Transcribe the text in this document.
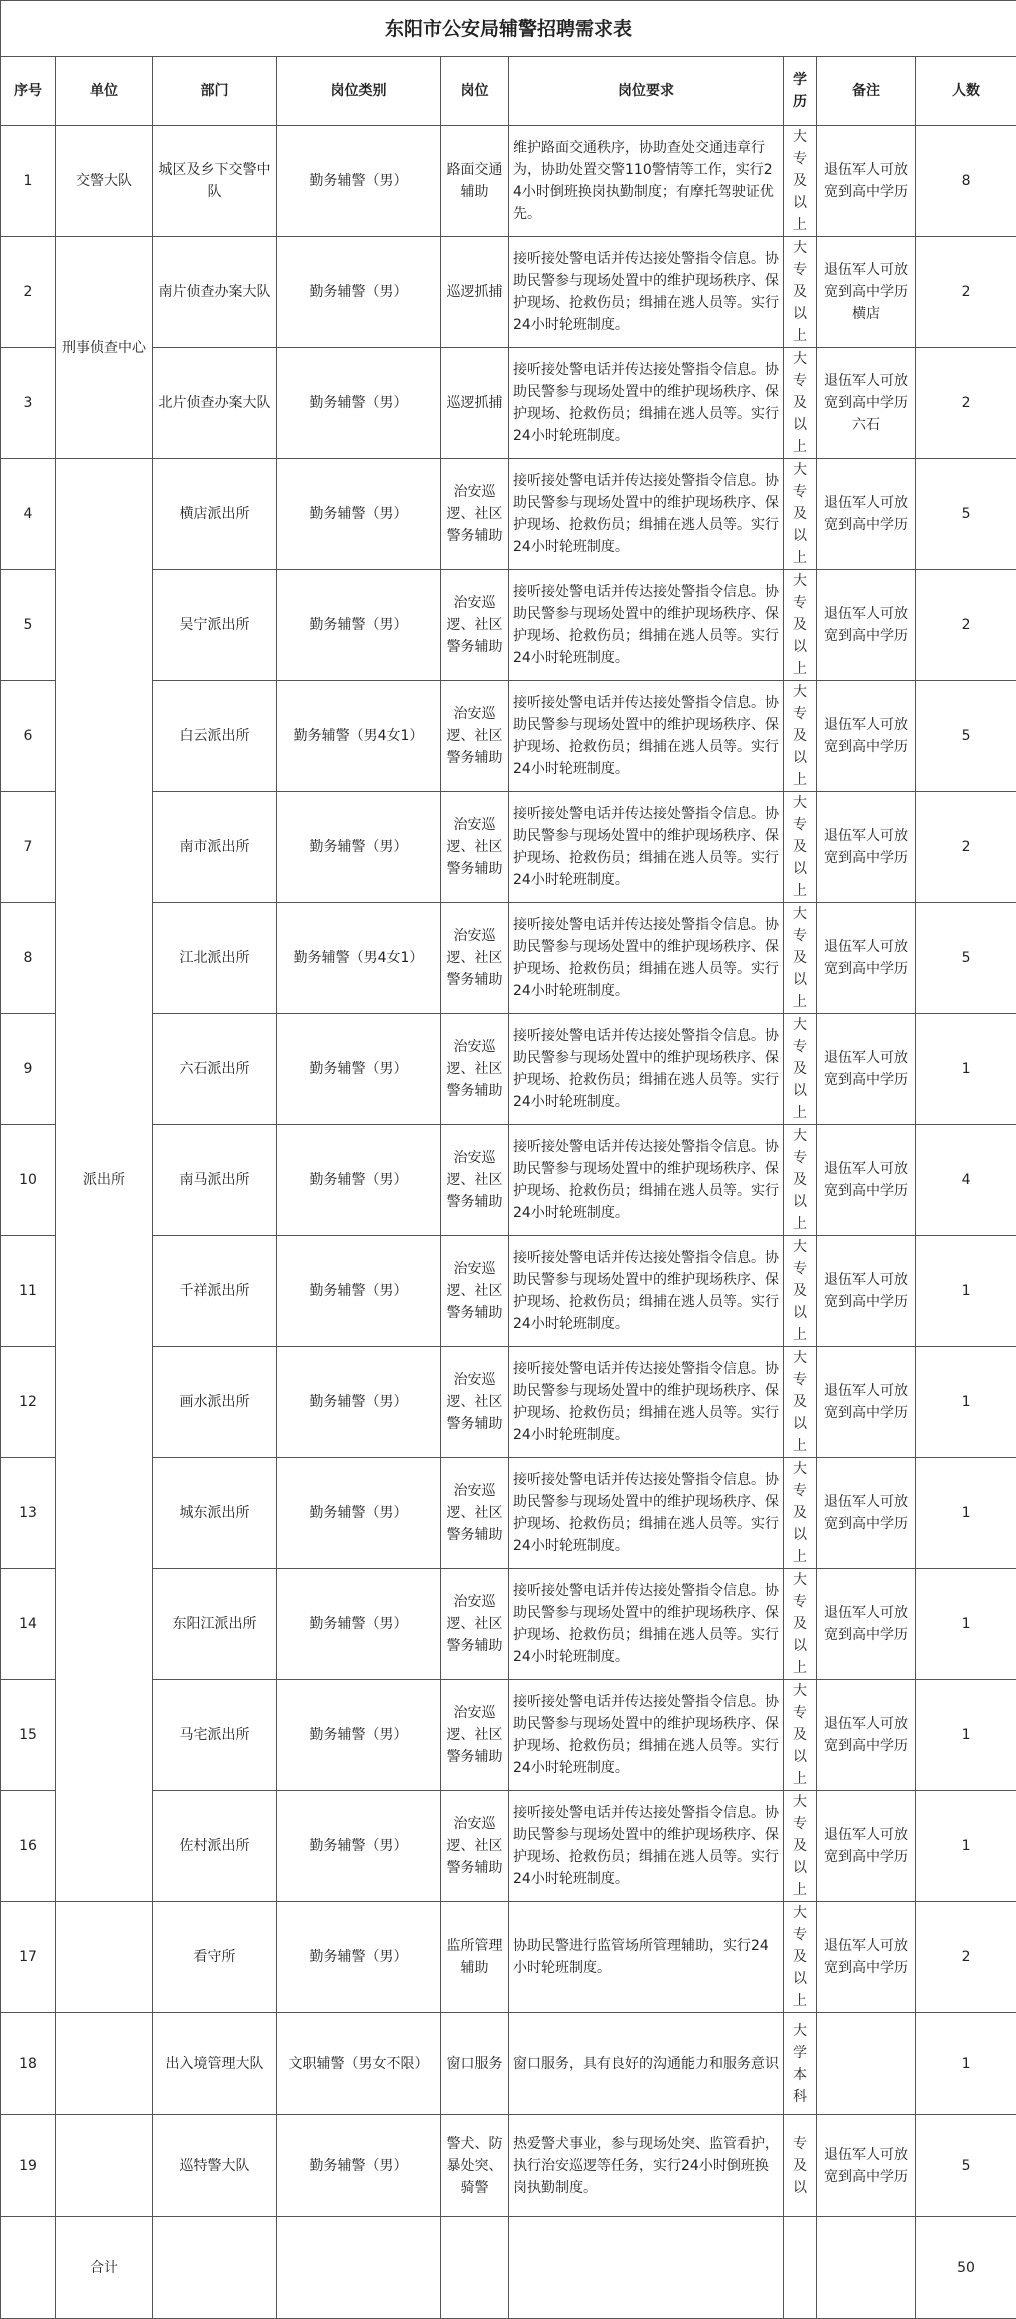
东阳市公安局辅警招聘需求表								
序号	单位	部门	岗位类别	岗位	岗位要求	学历	备注	人数
1	交警大队	城区及乡下交警中队	勤务辅警（男）	路面交通辅助	维护路面交通秩序，协助查处交通违章行为，协助处置交警110警情等工作，实行24小时倒班换岗执勤制度；有摩托驾驶证优先。	大专及以上	退伍军人可放宽到高中学历	8
2	刑事侦查中心	南片侦查办案大队	勤务辅警（男）	巡逻抓捕	接听接处警电话并传达接处警指令信息。协助民警参与现场处置中的维护现场秩序、保护现场、抢救伤员；缉捕在逃人员等。实行24小时轮班制度。	大专及以上	退伍军人可放宽到高中学历横店	2
3		北片侦查办案大队	勤务辅警（男）	巡逻抓捕	接听接处警电话并传达接处警指令信息。协助民警参与现场处置中的维护现场秩序、保护现场、抢救伤员；缉捕在逃人员等。实行24小时轮班制度。	大专及以上	退伍军人可放宽到高中学历六石	2
4	派出所	横店派出所	勤务辅警（男）	治安巡逻、社区警务辅助	接听接处警电话并传达接处警指令信息。协助民警参与现场处置中的维护现场秩序、保护现场、抢救伤员；缉捕在逃人员等。实行24小时轮班制度。	大专及以上	退伍军人可放宽到高中学历	5
5		吴宁派出所	勤务辅警（男）	治安巡逻、社区警务辅助	接听接处警电话并传达接处警指令信息。协助民警参与现场处置中的维护现场秩序、保护现场、抢救伤员；缉捕在逃人员等。实行24小时轮班制度。	大专及以上	退伍军人可放宽到高中学历	2
6		白云派出所	勤务辅警（男4女1）	治安巡逻、社区警务辅助	接听接处警电话并传达接处警指令信息。协助民警参与现场处置中的维护现场秩序、保护现场、抢救伤员；缉捕在逃人员等。实行24小时轮班制度。	大专及以上	退伍军人可放宽到高中学历	5
7		南市派出所	勤务辅警（男）	治安巡逻、社区警务辅助	接听接处警电话并传达接处警指令信息。协助民警参与现场处置中的维护现场秩序、保护现场、抢救伤员；缉捕在逃人员等。实行24小时轮班制度。	大专及以上	退伍军人可放宽到高中学历	2
8		江北派出所	勤务辅警（男4女1）	治安巡逻、社区警务辅助	接听接处警电话并传达接处警指令信息。协助民警参与现场处置中的维护现场秩序、保护现场、抢救伤员；缉捕在逃人员等。实行24小时轮班制度。	大专及以上	退伍军人可放宽到高中学历	5
9		六石派出所	勤务辅警（男）	治安巡逻、社区警务辅助	接听接处警电话并传达接处警指令信息。协助民警参与现场处置中的维护现场秩序、保护现场、抢救伤员；缉捕在逃人员等。实行24小时轮班制度。	大专及以上	退伍军人可放宽到高中学历	1
10		南马派出所	勤务辅警（男）	治安巡逻、社区警务辅助	接听接处警电话并传达接处警指令信息。协助民警参与现场处置中的维护现场秩序、保护现场、抢救伤员；缉捕在逃人员等。实行24小时轮班制度。	大专及以上	退伍军人可放宽到高中学历	4
11		千祥派出所	勤务辅警（男）	治安巡逻、社区警务辅助	接听接处警电话并传达接处警指令信息。协助民警参与现场处置中的维护现场秩序、保护现场、抢救伤员；缉捕在逃人员等。实行24小时轮班制度。	大专及以上	退伍军人可放宽到高中学历	1
12		画水派出所	勤务辅警（男）	治安巡逻、社区警务辅助	接听接处警电话并传达接处警指令信息。协助民警参与现场处置中的维护现场秩序、保护现场、抢救伤员；缉捕在逃人员等。实行24小时轮班制度。	大专及以上	退伍军人可放宽到高中学历	1
13		城东派出所	勤务辅警（男）	治安巡逻、社区警务辅助	接听接处警电话并传达接处警指令信息。协助民警参与现场处置中的维护现场秩序、保护现场、抢救伤员；缉捕在逃人员等。实行24小时轮班制度。	大专及以上	退伍军人可放宽到高中学历	1
14		东阳江派出所	勤务辅警（男）	治安巡逻、社区警务辅助	接听接处警电话并传达接处警指令信息。协助民警参与现场处置中的维护现场秩序、保护现场、抢救伤员；缉捕在逃人员等。实行24小时轮班制度。	大专及以上	退伍军人可放宽到高中学历	1
15		马宅派出所	勤务辅警（男）	治安巡逻、社区警务辅助	接听接处警电话并传达接处警指令信息。协助民警参与现场处置中的维护现场秩序、保护现场、抢救伤员；缉捕在逃人员等。实行24小时轮班制度。	大专及以上	退伍军人可放宽到高中学历	1
16		佐村派出所	勤务辅警（男）	治安巡逻、社区警务辅助	接听接处警电话并传达接处警指令信息。协助民警参与现场处置中的维护现场秩序、保护现场、抢救伤员；缉捕在逃人员等。实行24小时轮班制度。	大专及以上	退伍军人可放宽到高中学历	1
17		看守所	勤务辅警（男）	监所管理辅助	协助民警进行监管场所管理辅助，实行24小时轮班制度。	大专及以上	退伍军人可放宽到高中学历	2
18		出入境管理大队	文职辅警（男女不限）	窗口服务	窗口服务，具有良好的沟通能力和服务意识	大学本科		1
19		巡特警大队	勤务辅警（男）	警犬、防暴处突、骑警	热爱警犬事业，参与现场处突、监管看护，执行治安巡逻等任务，实行24小时倒班换岗执勤制度。	专及以	退伍军人可放宽到高中学历	5
	合计							50
